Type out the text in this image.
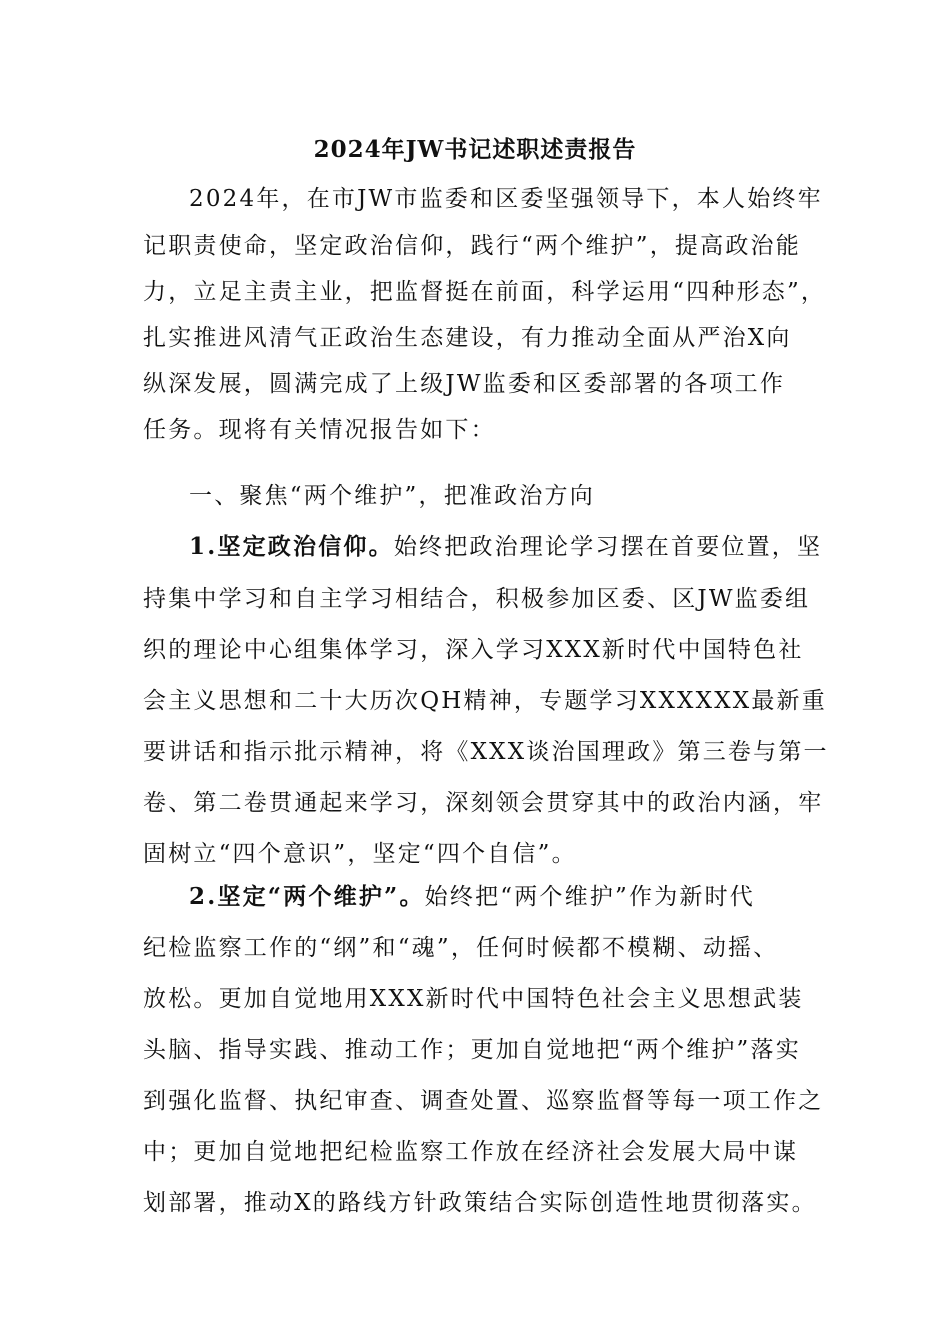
2024年JW书记述职述责报告
2024年，在市JW市监委和区委坚强领导下，本人始终牢
记职责使命，坚定政治信仰，践行“两个维护”，提高政治能
力，立足主责主业，把监督挺在前面，科学运用“四种形态”，
扎实推进风清气正政治生态建设，有力推动全面从严治X向
纵深发展，圆满完成了上级JW监委和区委部署的各项工作
任务。现将有关情况报告如下：
一、聚焦“两个维护”，把准政治方向
1.坚定政治信仰。始终把政治理论学习摆在首要位置，坚
持集中学习和自主学习相结合，积极参加区委、区JW监委组
织的理论中心组集体学习，深入学习XXX新时代中国特色社
会主义思想和二十大历次QH精神，专题学习XXXXXX最新重
要讲话和指示批示精神，将《XXX谈治国理政》第三卷与第一
卷、第二卷贯通起来学习，深刻领会贯穿其中的政治内涵，牢
固树立“四个意识”，坚定“四个自信”。
2.坚定“两个维护”。始终把“两个维护”作为新时代
纪检监察工作的“纲”和“魂”，任何时候都不模糊、动摇、
放松。更加自觉地用XXX新时代中国特色社会主义思想武装
头脑、指导实践、推动工作；更加自觉地把“两个维护”落实
到强化监督、执纪审查、调查处置、巡察监督等每一项工作之
中；更加自觉地把纪检监察工作放在经济社会发展大局中谋
划部署，推动X的路线方针政策结合实际创造性地贯彻落实。
